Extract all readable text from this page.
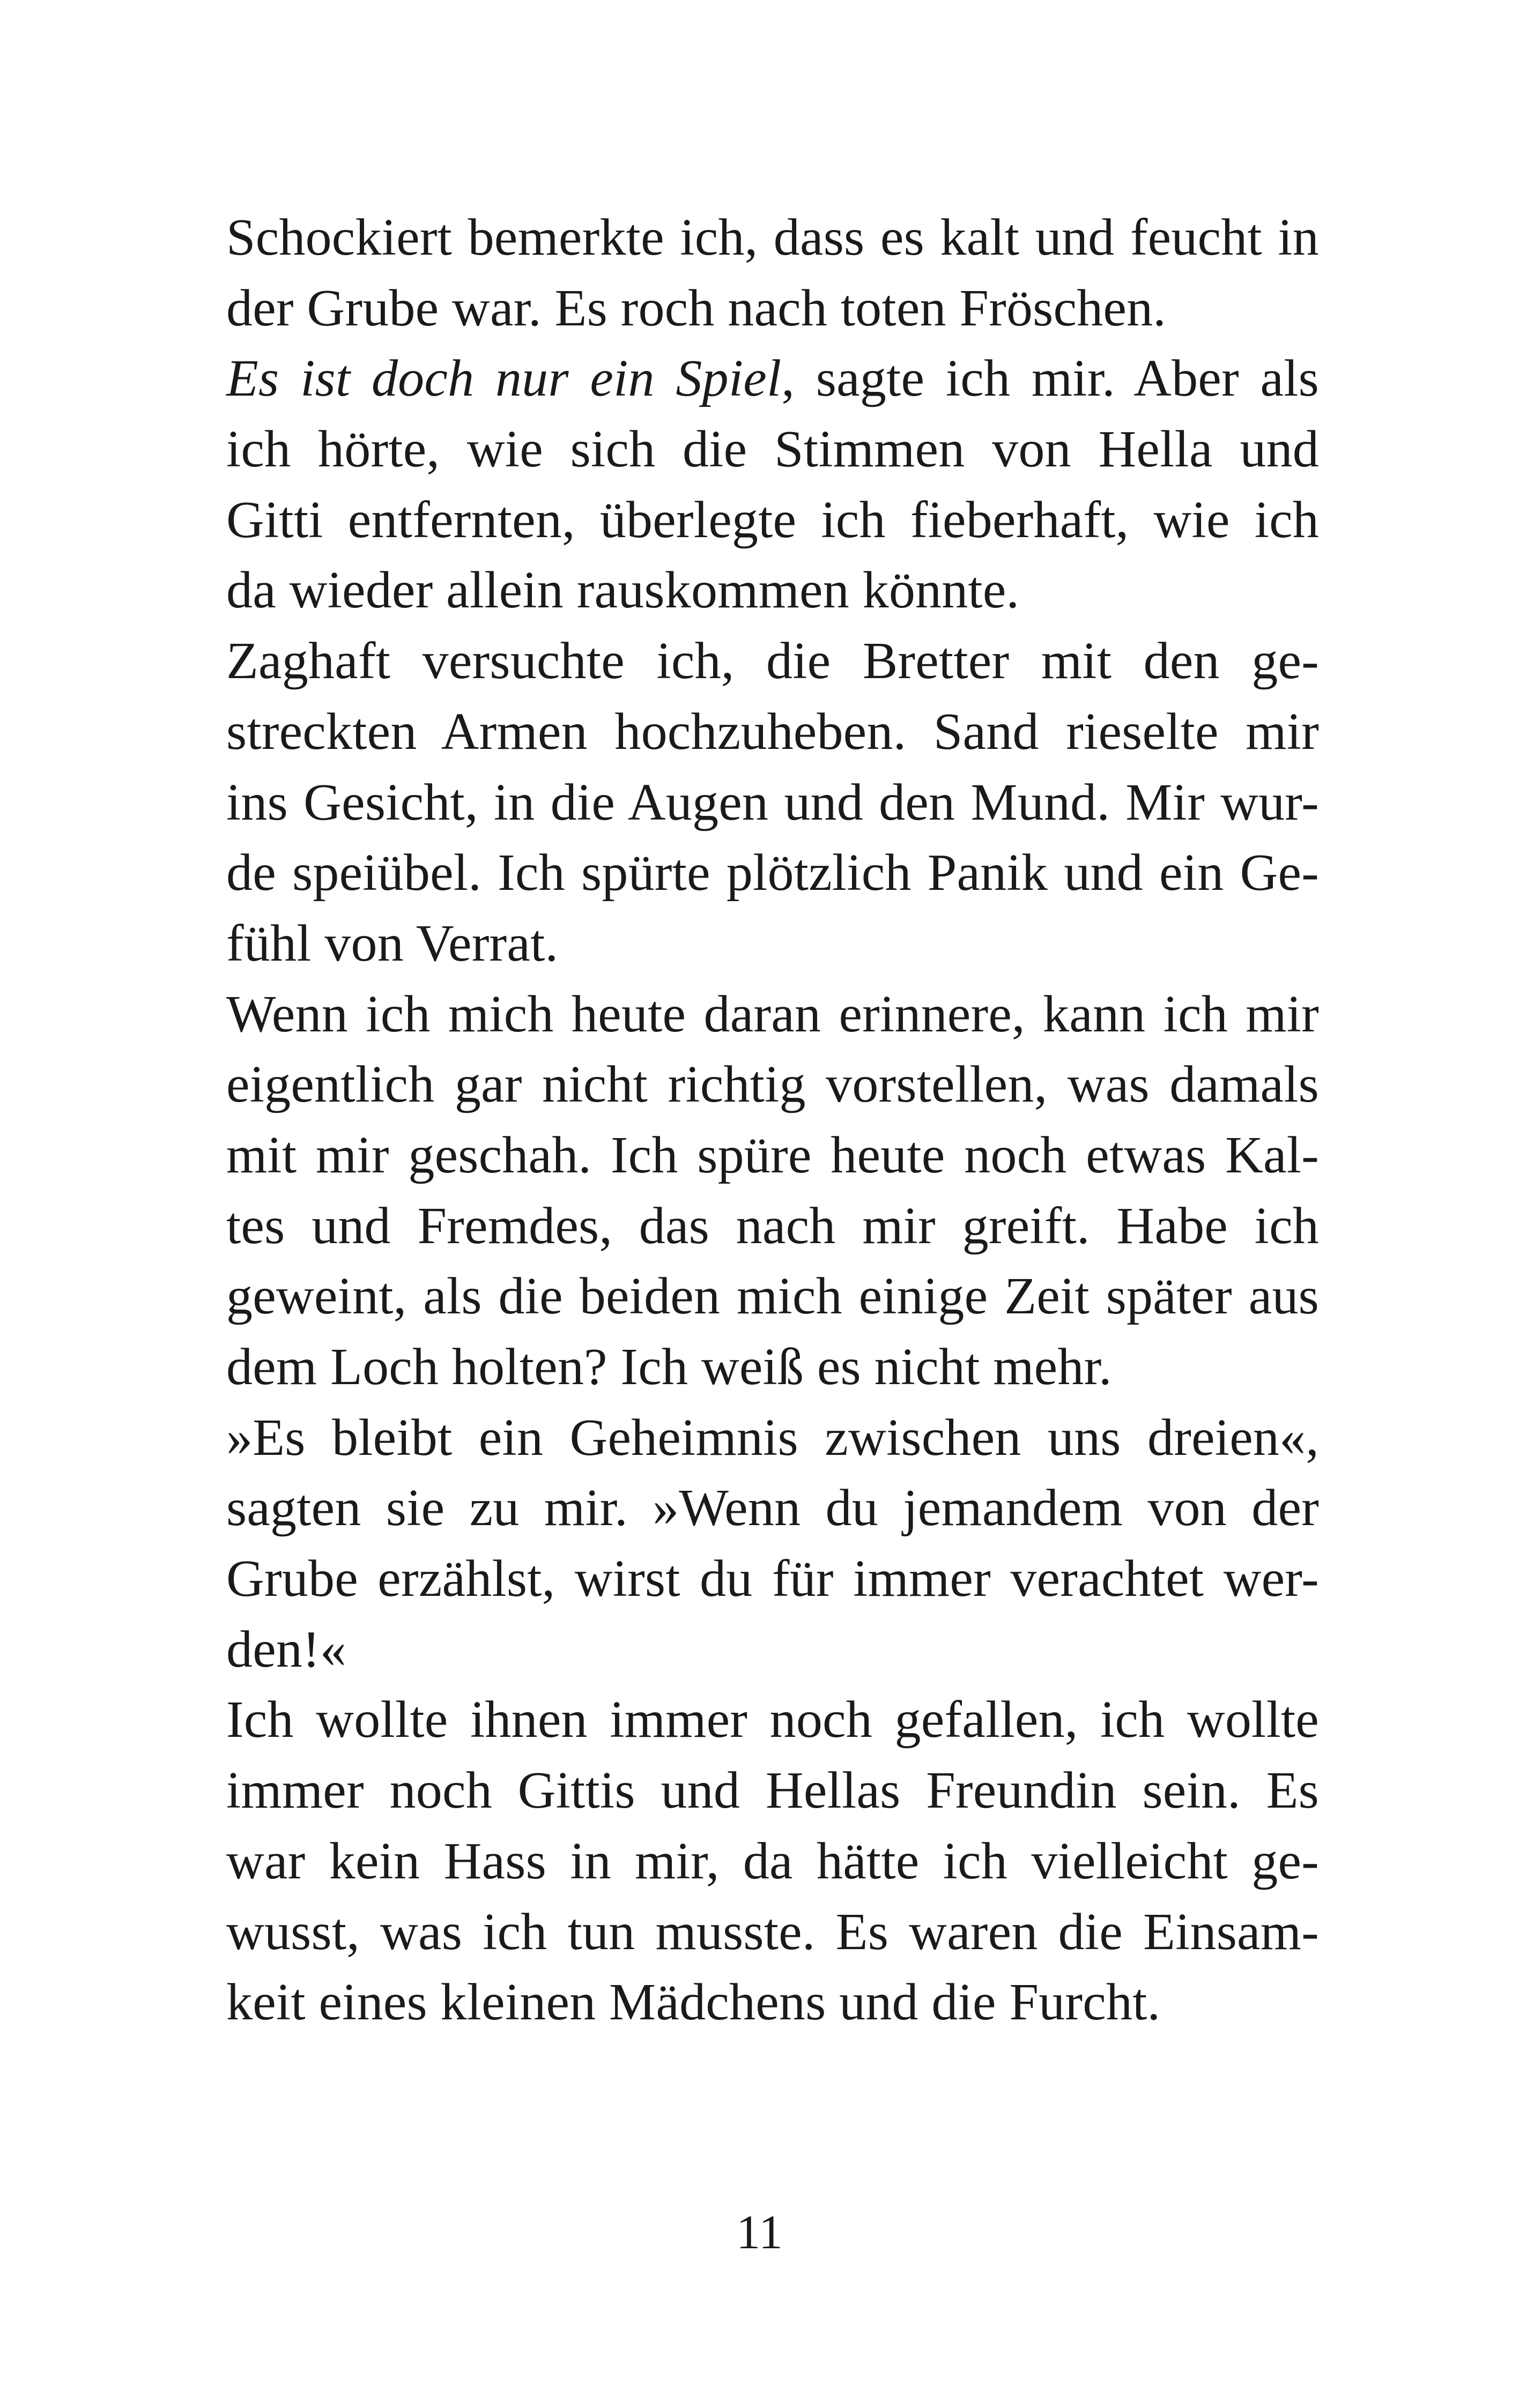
Schockiert bemerkte ich, dass es kalt und feucht in
der Grube war. Es roch nach toten Fröschen.
Es ist doch nur ein Spiel, sagte ich mir. Aber als
ich hörte, wie sich die Stimmen von Hella und
Gitti entfernten, überlegte ich fieberhaft, wie ich
da wieder allein rauskommen könnte.
Zaghaft versuchte ich, die Bretter mit den ge-
streckten Armen hochzuheben. Sand rieselte mir
ins Gesicht, in die Augen und den Mund. Mir wur-
de speiübel. Ich spürte plötzlich Panik und ein Ge-
fühl von Verrat.
Wenn ich mich heute daran erinnere, kann ich mir
eigentlich gar nicht richtig vorstellen, was damals
mit mir geschah. Ich spüre heute noch etwas Kal-
tes und Fremdes, das nach mir greift. Habe ich
geweint, als die beiden mich einige Zeit später aus
dem Loch holten? Ich weiß es nicht mehr.
»Es bleibt ein Geheimnis zwischen uns dreien«,
sagten sie zu mir. »Wenn du jemandem von der
Grube erzählst, wirst du für immer verachtet wer-
den!«
Ich wollte ihnen immer noch gefallen, ich wollte
immer noch Gittis und Hellas Freundin sein. Es
war kein Hass in mir, da hätte ich vielleicht ge-
wusst, was ich tun musste. Es waren die Einsam-
keit eines kleinen Mädchens und die Furcht.
11
